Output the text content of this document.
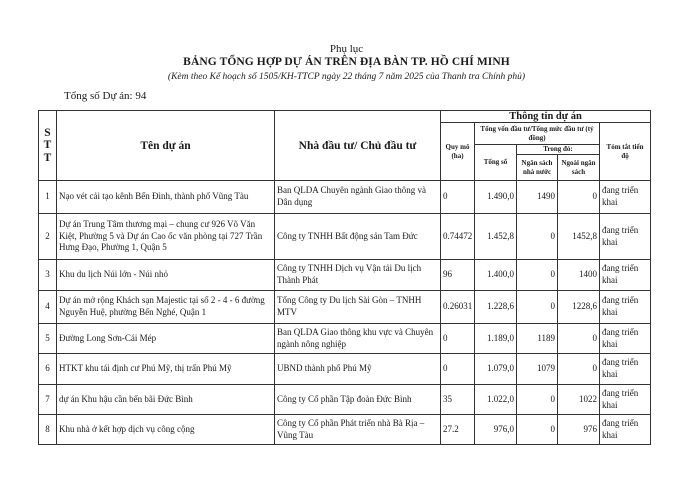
Phụ lục
BẢNG TỔNG HỢP DỰ ÁN TRÊN ĐỊA BÀN TP. HỒ CHÍ MINH
(Kèm theo Kế hoạch số 1505/KH-TTCP ngày 22 tháng 7 năm 2025 của Thanh tra Chính phủ)
Tổng số Dự án: 94
STT	Tên dự án	Nhà đầu tư/ Chủ đầu tư	Thông tin dự án				
			Quy mô (ha)	Tổng vốn đầu tư/Tổng mức đầu tư (tỷ đồng)			Tóm tắt tiến độ
				Tổng số	Trong đó:		
					Ngân sách nhà nước	Ngoài ngân sách	
1	Nạo vét cải tạo kênh Bến Đình, thành phố Vũng Tàu	Ban QLDA Chuyên ngành Giao thông và Dân dụng	0	1.490,0	1490	0	đang triển khai
2	Dự án Trung Tâm thương mại – chung cư 926 Võ Văn Kiệt, Phường 5 và Dự án Cao ốc văn phòng tại 727 Trần Hưng Đạo, Phường 1, Quận 5	Công ty TNHH Bất động sản Tam Đức	0.74472	1.452,8	0	1452,8	đang triển khai
3	Khu du lịch Núi lớn - Núi nhỏ	Công ty TNHH Dịch vụ Vận tải Du lịch Thành Phát	96	1.400,0	0	1400	đang triển khai
4	Dự án mở rộng Khách sạn Majestic tại số 2 - 4 - 6 đường Nguyễn Huệ, phường Bến Nghé, Quận 1	Tổng Công ty Du lịch Sài Gòn – TNHH MTV	0.26031	1.228,6	0	1228,6	đang triển khai
5	Đường Long Sơn-Cái Mép	Ban QLDA Giao thông khu vực và Chuyên ngành nông nghiệp	0	1.189,0	1189	0	đang triển khai
6	HTKT khu tái định cư Phú Mỹ, thị trấn Phú Mỹ	UBND thành phố Phú Mỹ	0	1.079,0	1079	0	đang triển khai
7	dự án Khu hậu cần bến bãi Đức Bình	Công ty Cổ phần Tập đoàn Đức Bình	35	1.022,0	0	1022	đang triển khai
8	Khu nhà ở kết hợp dịch vụ công cộng	Công ty Cổ phần Phát triển nhà Bà Rịa – Vũng Tàu	27.2	976,0	0	976	đang triển khai
